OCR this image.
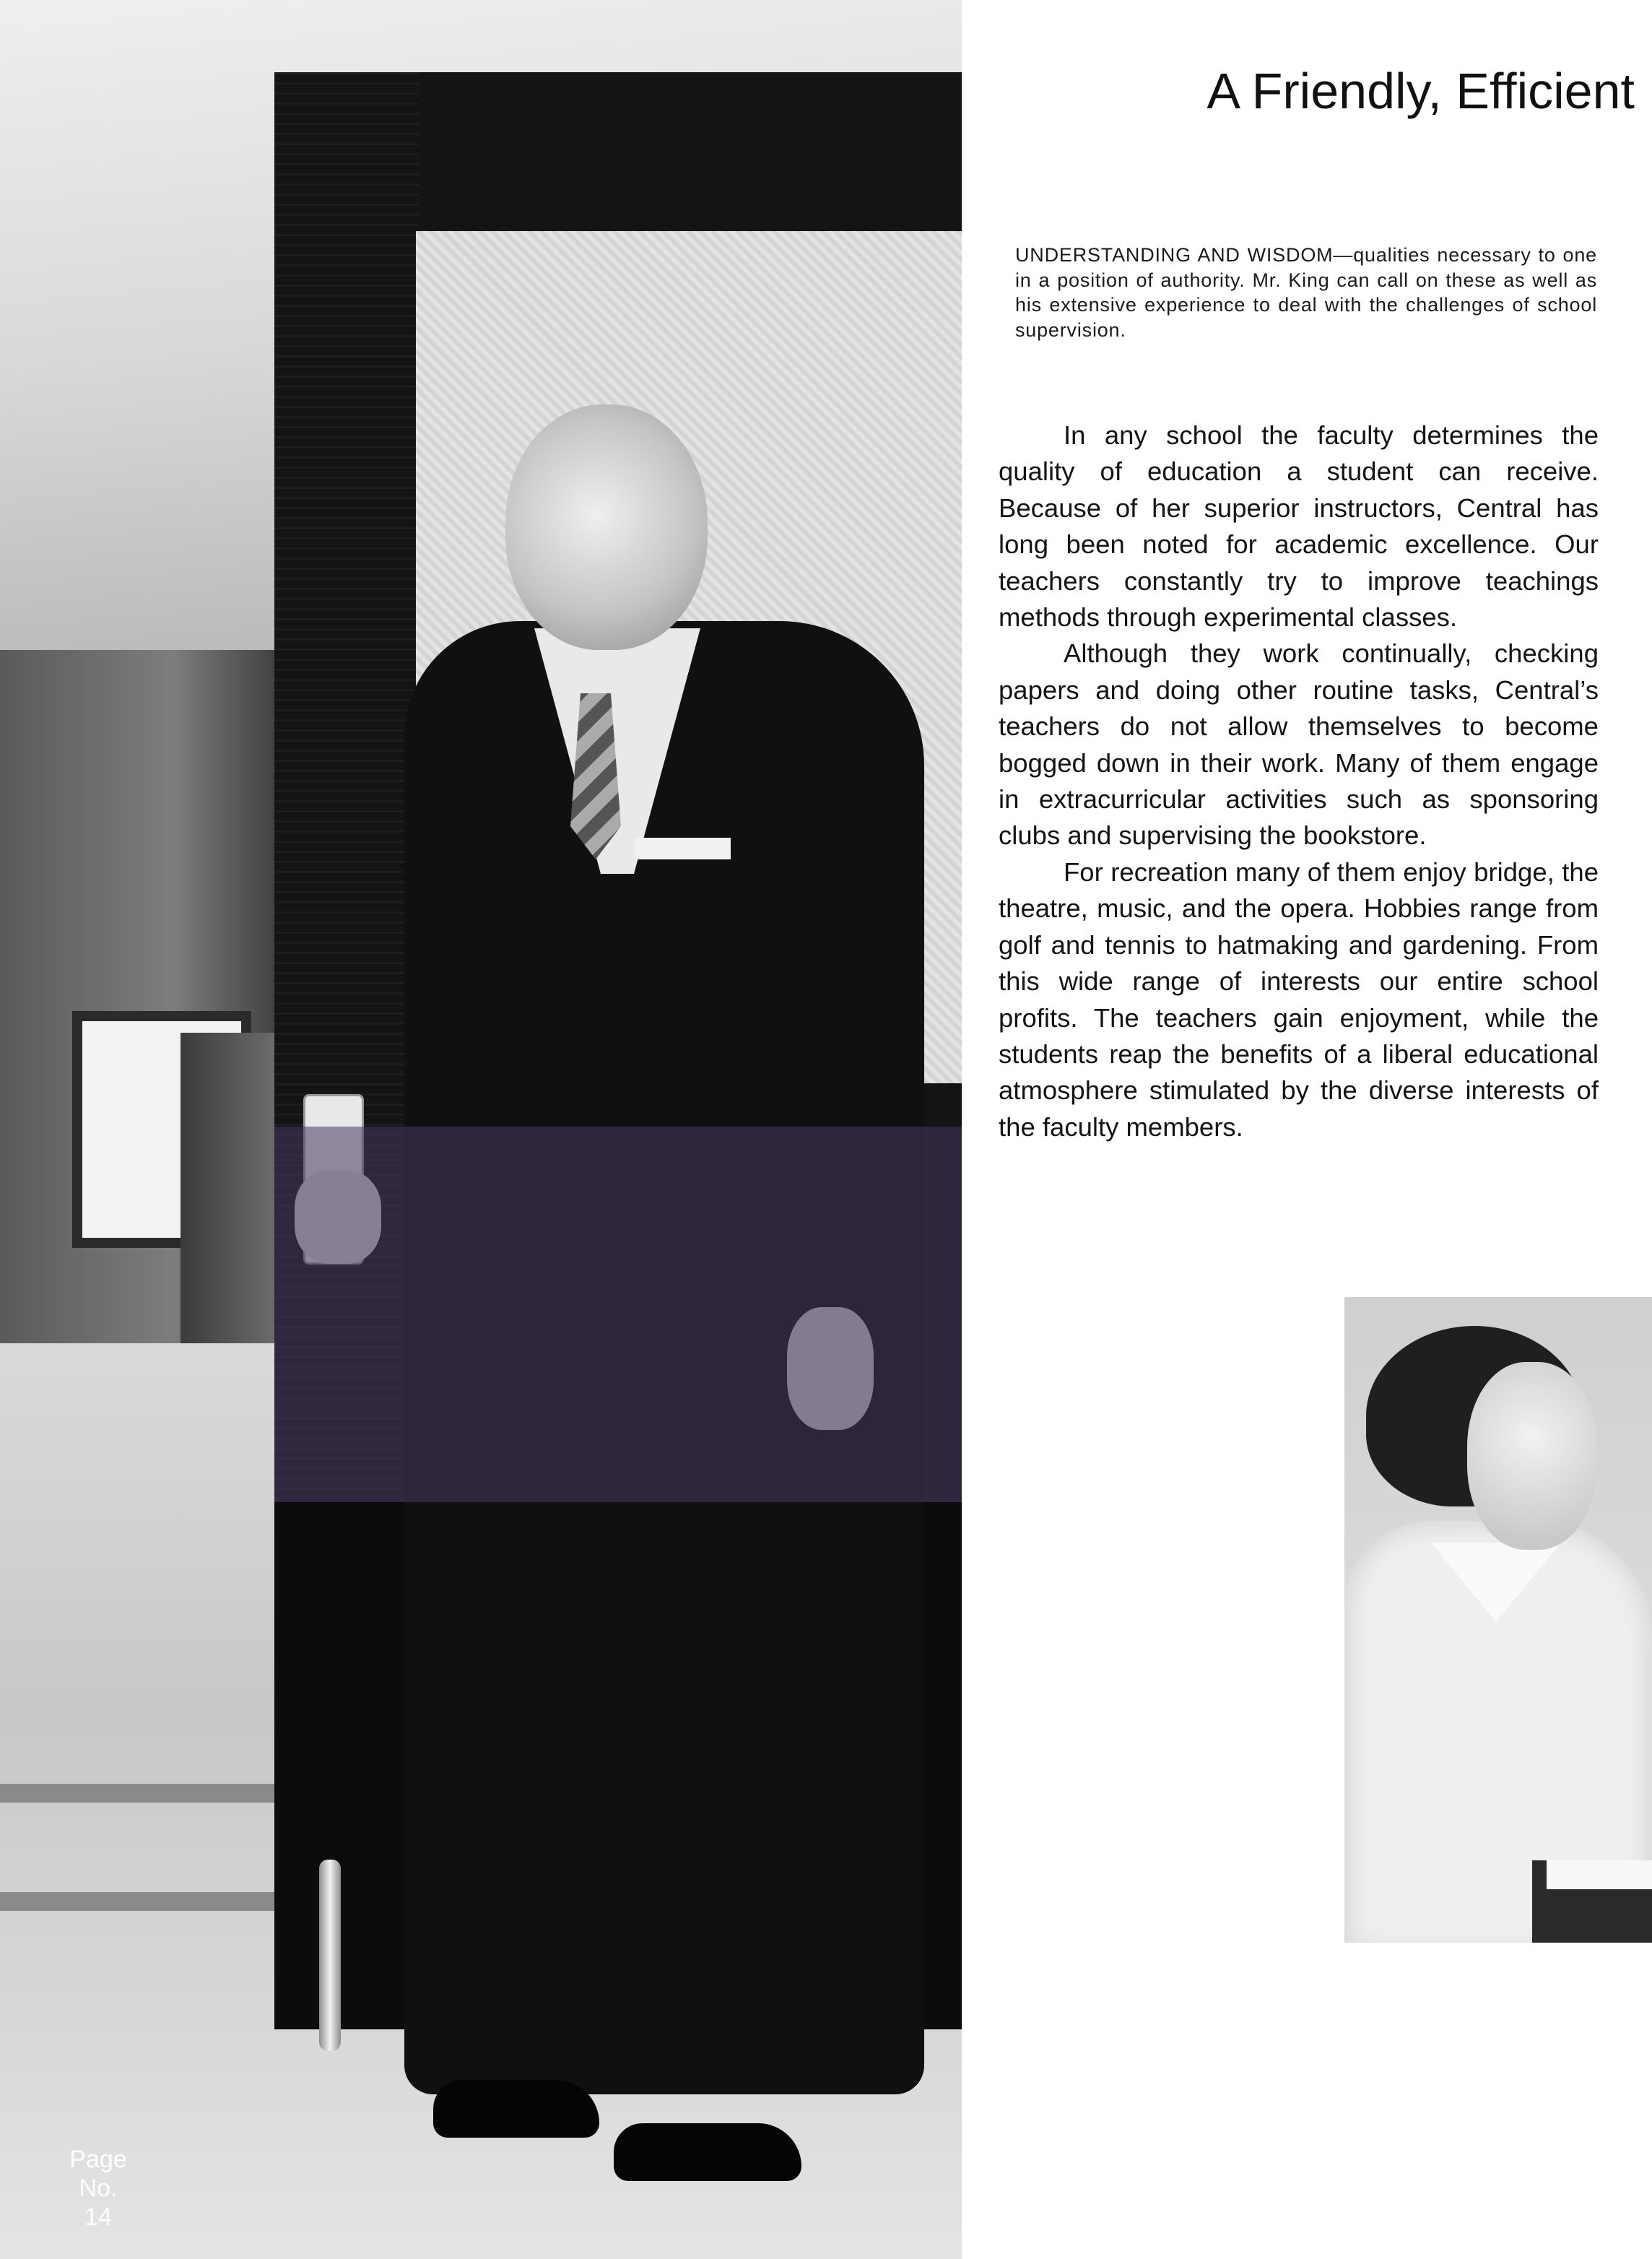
Page
No.
14
A Friendly, Efficient

UNDERSTANDING AND WISDOM—qualities necessary to one in a position of authority. Mr. King can call on these as well as his extensive experience to deal with the challenges of school supervision.

In any school the faculty determines the quality of education a student can receive. Because of her superior instructors, Central has long been noted for academic excellence. Our teachers constantly try to improve teachings methods through experimental classes.

Although they work continually, checking papers and doing other routine tasks, Central’s teachers do not allow themselves to become bogged down in their work. Many of them engage in extracurricular activities such as sponsoring clubs and supervising the bookstore.

For recreation many of them enjoy bridge, the theatre, music, and the opera. Hobbies range from golf and tennis to hatmaking and gardening. From this wide range of interests our entire school profits. The teachers gain enjoyment, while the students reap the benefits of a liberal educational atmosphere stimulated by the diverse interests of the faculty members.
